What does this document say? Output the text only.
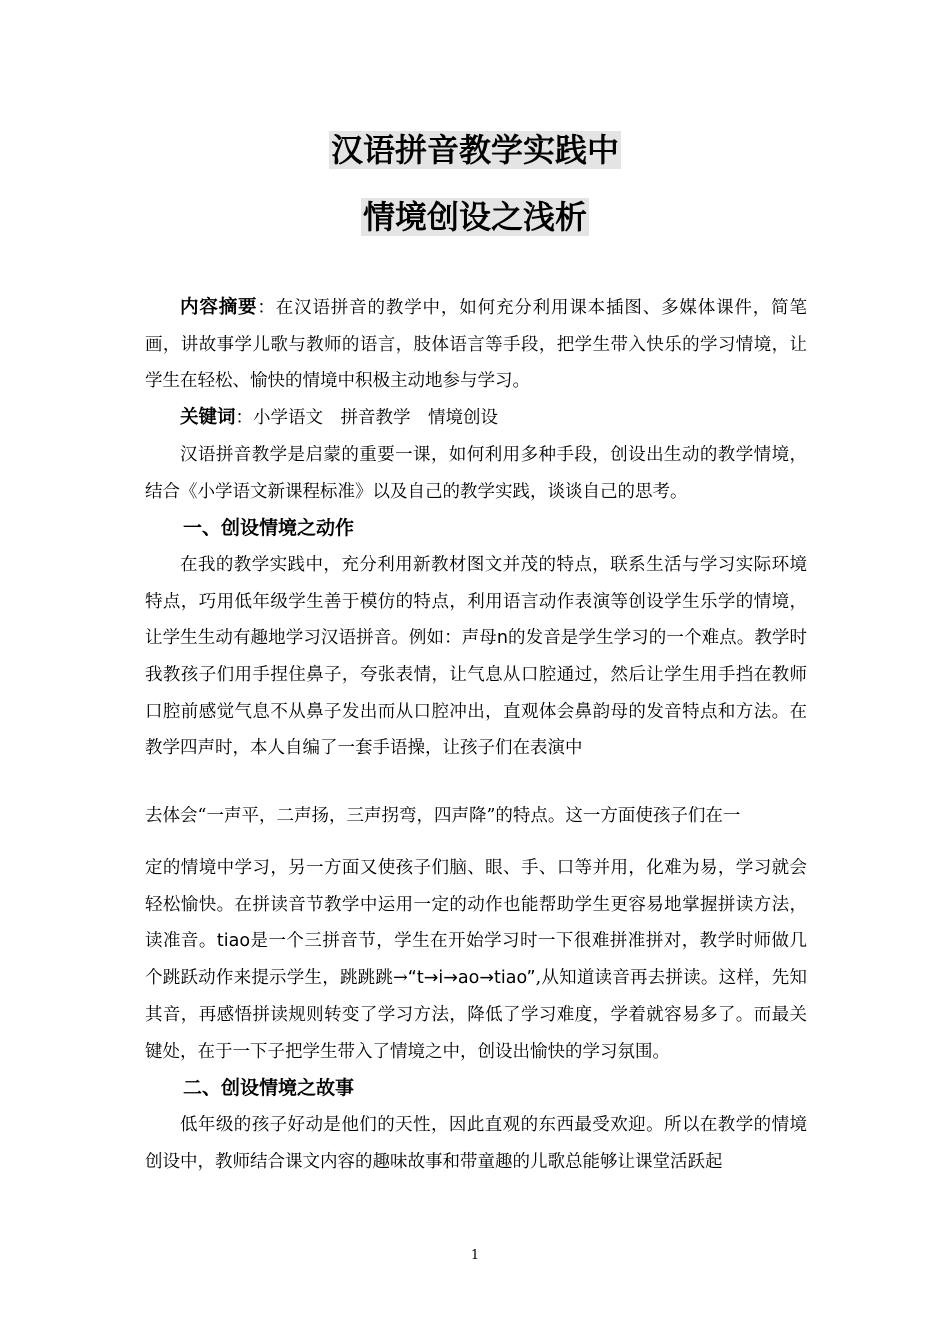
汉语拼音教学实践中
情境创设之浅析

内容摘要：在汉语拼音的教学中，如何充分利用课本插图、多媒体课件，简笔画，讲故事学儿歌与教师的语言，肢体语言等手段，把学生带入快乐的学习情境，让学生在轻松、愉快的情境中积极主动地参与学习。

关键词：小学语文　拼音教学　情境创设

汉语拼音教学是启蒙的重要一课，如何利用多种手段，创设出生动的教学情境，结合《小学语文新课程标准》以及自己的教学实践，谈谈自己的思考。

一、创设情境之动作

在我的教学实践中，充分利用新教材图文并茂的特点，联系生活与学习实际环境特点，巧用低年级学生善于模仿的特点，利用语言动作表演等创设学生乐学的情境，让学生生动有趣地学习汉语拼音。例如：声母n的发音是学生学习的一个难点。教学时我教孩子们用手捏住鼻子，夸张表情，让气息从口腔通过，然后让学生用手挡在教师口腔前感觉气息不从鼻子发出而从口腔冲出，直观体会鼻韵母的发音特点和方法。在教学四声时，本人自编了一套手语操，让孩子们在表演中

去体会“一声平，二声扬，三声拐弯，四声降”的特点。这一方面使孩子们在一

定的情境中学习，另一方面又使孩子们脑、眼、手、口等并用，化难为易，学习就会轻松愉快。在拼读音节教学中运用一定的动作也能帮助学生更容易地掌握拼读方法，读准音。tiao是一个三拼音节，学生在开始学习时一下很难拼准拼对，教学时师做几个跳跃动作来提示学生，跳跳跳→“t→i→ao→tiao”,从知道读音再去拼读。这样，先知其音，再感悟拼读规则转变了学习方法，降低了学习难度，学着就容易多了。而最关键处，在于一下子把学生带入了情境之中，创设出愉快的学习氛围。

二、创设情境之故事

低年级的孩子好动是他们的天性，因此直观的东西最受欢迎。所以在教学的情境创设中，教师结合课文内容的趣味故事和带童趣的儿歌总能够让课堂活跃起

1
